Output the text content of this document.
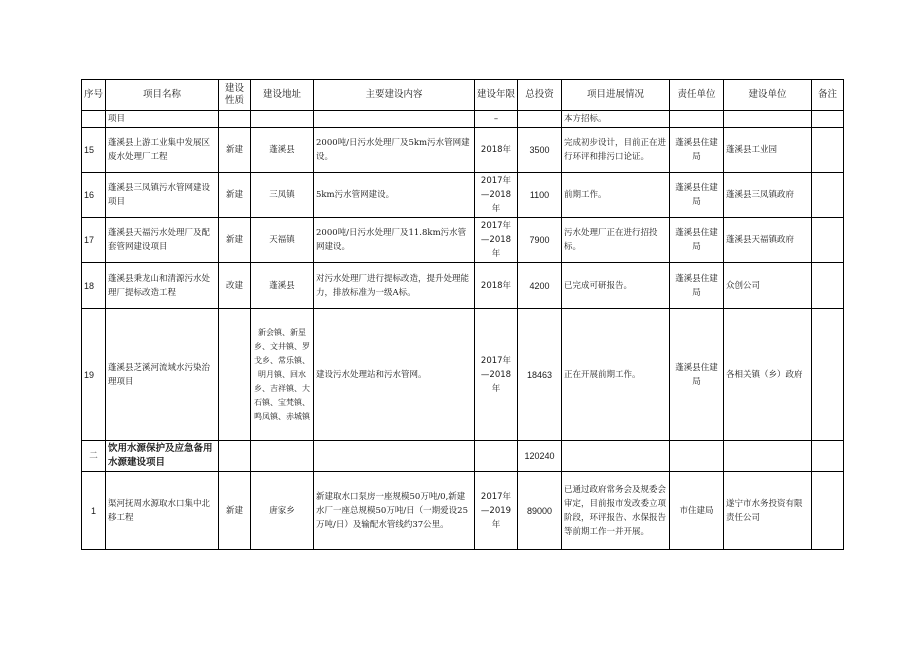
序号	项目名称	建设性质	建设地址	主要建设内容	建设年限	总投资	项目进展情况	责任单位	建设单位	备注
	项目				–		本方招标。			
15	蓬溪县上游工业集中发展区废水处理厂工程	新建	蓬溪县	2000吨/日污水处理厂及5km污水管网建设。	2018年	3500	完成初步设计，目前正在进行环评和排污口论证。	蓬溪县住建局	蓬溪县工业园	
16	蓬溪县三凤镇污水管网建设项目	新建	三凤镇	5km污水管网建设。	2017年—2018年	1100	前期工作。	蓬溪县住建局	蓬溪县三凤镇政府	
17	蓬溪县天福污水处理厂及配套管网建设项目	新建	天福镇	2000吨/日污水处理厂及11.8km污水管网建设。	2017年—2018年	7900	污水处理厂正在进行招投标。	蓬溪县住建局	蓬溪县天福镇政府	
18	蓬溪县秉龙山和清源污水处理厂提标改造工程	改建	蓬溪县	对污水处理厂进行提标改造，提升处理能力，排放标准为一级A标。	2018年	4200	已完成可研报告。	蓬溪县住建局	众创公司	
19	蓬溪县芝溪河流域水污染治理项目		新会镇、新星乡、文井镇、罗戈乡、常乐镇、明月镇、回水乡、吉祥镇、大石镇、宝梵镇、鸣凤镇、赤城镇	建设污水处理站和污水管网。	2017年—2018年	18463	正在开展前期工作。	蓬溪县住建局	各相关镇（乡）政府	
二	饮用水源保护及应急备用水源建设项目					120240				
1	渠河抚周水源取水口集中北移工程	新建	唐家乡	新建取水口泵房一座规模50万吨/0,新建水厂一座总规模50万吨/日（一期爱设25万吨/日）及输配水管线约37公里。	2017年—2019年	89000	已通过政府常务会及规委会审定，目前报市发改委立项阶段，环评报告、水保报告等前期工作一并开展。	市住建局	遂宁市水务投资有限责任公司	
